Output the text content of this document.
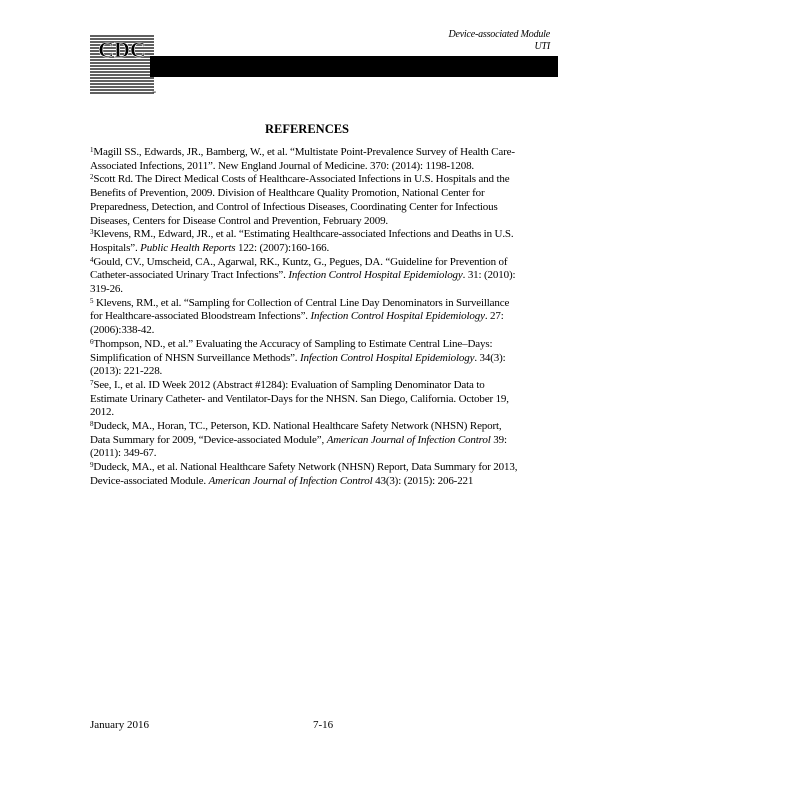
CDC
™
Device-associated Module
UTI
REFERENCES

$^1$Magill SS., Edwards, JR., Bamberg, W., et al. “Multistate Point-Prevalence Survey of Health Care-Associated Infections, 2011”. New England Journal of Medicine. 370: (2014): 1198-1208.

$^2$Scott Rd. The Direct Medical Costs of Healthcare-Associated Infections in U.S. Hospitals and the Benefits of Prevention, 2009. Division of Healthcare Quality Promotion, National Center for Preparedness, Detection, and Control of Infectious Diseases, Coordinating Center for Infectious Diseases, Centers for Disease Control and Prevention, February 2009.

$^3$Klevens, RM., Edward, JR., et al. “Estimating Healthcare-associated Infections and Deaths in U.S. Hospitals”. Public Health Reports 122: (2007):160-166.

$^4$Gould, CV., Umscheid, CA., Agarwal, RK., Kuntz, G., Pegues, DA. “Guideline for Prevention of Catheter-associated Urinary Tract Infections”. Infection Control Hospital Epidemiology. 31: (2010): 319-26.

$^5$ Klevens, RM., et al. “Sampling for Collection of Central Line Day Denominators in Surveillance for Healthcare-associated Bloodstream Infections”. Infection Control Hospital Epidemiology. 27: (2006):338-42.

$^6$Thompson, ND., et al.” Evaluating the Accuracy of Sampling to Estimate Central Line–Days: Simplification of NHSN Surveillance Methods”. Infection Control Hospital Epidemiology. 34(3): (2013): 221-228.

$^7$See, I., et al. ID Week 2012 (Abstract #1284): Evaluation of Sampling Denominator Data to Estimate Urinary Catheter- and Ventilator-Days for the NHSN. San Diego, California. October 19, 2012.

$^8$Dudeck, MA., Horan, TC., Peterson, KD. National Healthcare Safety Network (NHSN) Report, Data Summary for 2009, “Device-associated Module”, American Journal of Infection Control 39: (2011): 349-67.

$^9$Dudeck, MA., et al. National Healthcare Safety Network (NHSN) Report, Data Summary for 2013, Device-associated Module. American Journal of Infection Control 43(3): (2015): 206-221

January 2016	7-16
